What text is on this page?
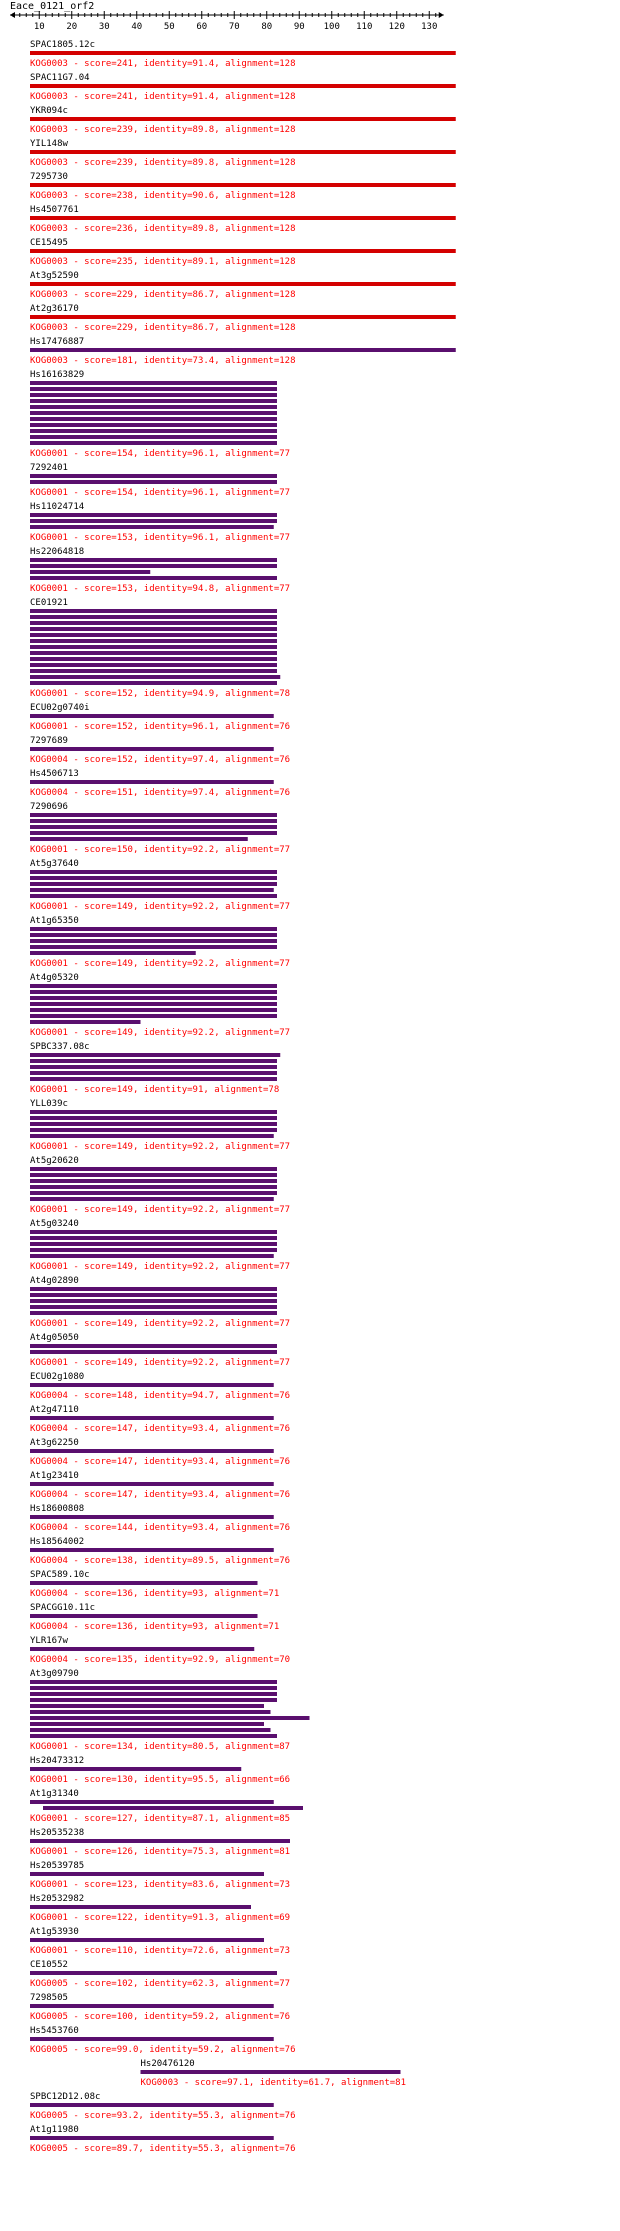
Eace_0121_orf2
10 20 30 40 50 60 70 80 90 100 110 120 130
SPAC1805.12c
KOG0003 - score=241, identity=91.4, alignment=128
SPAC11G7.04
KOG0003 - score=241, identity=91.4, alignment=128
YKR094c
KOG0003 - score=239, identity=89.8, alignment=128
YIL148w
KOG0003 - score=239, identity=89.8, alignment=128
7295730
KOG0003 - score=238, identity=90.6, alignment=128
Hs4507761
KOG0003 - score=236, identity=89.8, alignment=128
CE15495
KOG0003 - score=235, identity=89.1, alignment=128
At3g52590
KOG0003 - score=229, identity=86.7, alignment=128
At2g36170
KOG0003 - score=229, identity=86.7, alignment=128
Hs17476887
KOG0003 - score=181, identity=73.4, alignment=128
Hs16163829
KOG0001 - score=154, identity=96.1, alignment=77
7292401
KOG0001 - score=154, identity=96.1, alignment=77
Hs11024714
KOG0001 - score=153, identity=96.1, alignment=77
Hs22064818
KOG0001 - score=153, identity=94.8, alignment=77
CE01921
KOG0001 - score=152, identity=94.9, alignment=78
ECU02g0740i
KOG0001 - score=152, identity=96.1, alignment=76
7297689
KOG0004 - score=152, identity=97.4, alignment=76
Hs4506713
KOG0004 - score=151, identity=97.4, alignment=76
7290696
KOG0001 - score=150, identity=92.2, alignment=77
At5g37640
KOG0001 - score=149, identity=92.2, alignment=77
At1g65350
KOG0001 - score=149, identity=92.2, alignment=77
At4g05320
KOG0001 - score=149, identity=92.2, alignment=77
SPBC337.08c
KOG0001 - score=149, identity=91, alignment=78
YLL039c
KOG0001 - score=149, identity=92.2, alignment=77
At5g20620
KOG0001 - score=149, identity=92.2, alignment=77
At5g03240
KOG0001 - score=149, identity=92.2, alignment=77
At4g02890
KOG0001 - score=149, identity=92.2, alignment=77
At4g05050
KOG0001 - score=149, identity=92.2, alignment=77
ECU02g1080
KOG0004 - score=148, identity=94.7, alignment=76
At2g47110
KOG0004 - score=147, identity=93.4, alignment=76
At3g62250
KOG0004 - score=147, identity=93.4, alignment=76
At1g23410
KOG0004 - score=147, identity=93.4, alignment=76
Hs18600808
KOG0004 - score=144, identity=93.4, alignment=76
Hs18564002
KOG0004 - score=138, identity=89.5, alignment=76
SPAC589.10c
KOG0004 - score=136, identity=93, alignment=71
SPACGG10.11c
KOG0004 - score=136, identity=93, alignment=71
YLR167w
KOG0004 - score=135, identity=92.9, alignment=70
At3g09790
KOG0001 - score=134, identity=80.5, alignment=87
Hs20473312
KOG0001 - score=130, identity=95.5, alignment=66
At1g31340
KOG0001 - score=127, identity=87.1, alignment=85
Hs20535238
KOG0001 - score=126, identity=75.3, alignment=81
Hs20539785
KOG0001 - score=123, identity=83.6, alignment=73
Hs20532982
KOG0001 - score=122, identity=91.3, alignment=69
At1g53930
KOG0001 - score=110, identity=72.6, alignment=73
CE10552
KOG0005 - score=102, identity=62.3, alignment=77
7298505
KOG0005 - score=100, identity=59.2, alignment=76
Hs5453760
KOG0005 - score=99.0, identity=59.2, alignment=76
Hs20476120
KOG0003 - score=97.1, identity=61.7, alignment=81
SPBC12D12.08c
KOG0005 - score=93.2, identity=55.3, alignment=76
At1g11980
KOG0005 - score=89.7, identity=55.3, alignment=76
